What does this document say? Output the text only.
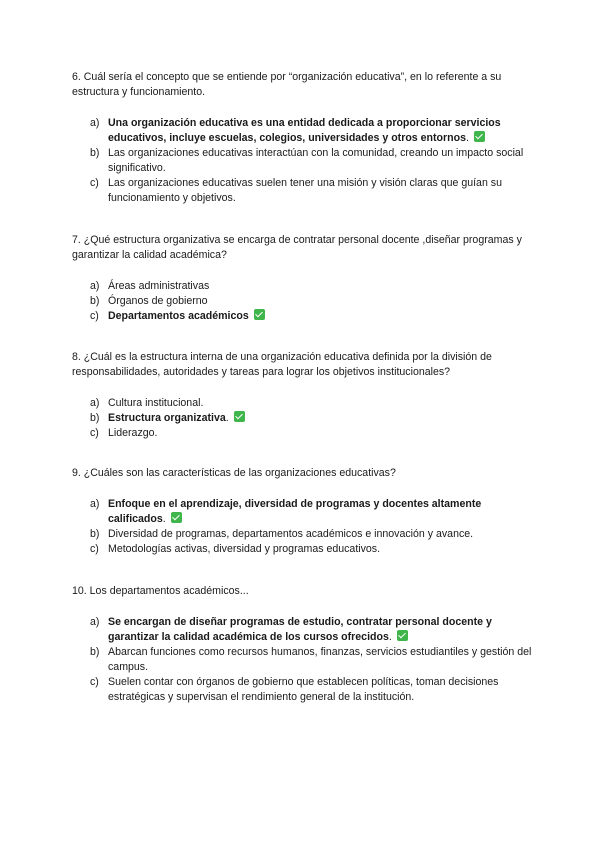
6. Cuál sería el concepto que se entiende por “organización educativa”, en lo referente a su estructura y funcionamiento.

a) Una organización educativa es una entidad dedicada a proporcionar servicios educativos, incluye escuelas, colegios, universidades y otros entornos.
b) Las organizaciones educativas interactúan con la comunidad, creando un impacto social significativo.
c) Las organizaciones educativas suelen tener una misión y visión claras que guían su funcionamiento y objetivos.

7. ¿Qué estructura organizativa se encarga de contratar personal docente ,diseñar programas y garantizar la calidad académica?

a) Áreas administrativas
b) Órganos de gobierno
c) Departamentos académicos

8. ¿Cuál es la estructura interna de una organización educativa definida por la división de responsabilidades, autoridades y tareas para lograr los objetivos institucionales?

a) Cultura institucional.
b) Estructura organizativa.
c) Liderazgo.

9. ¿Cuáles son las características de las organizaciones educativas?

a) Enfoque en el aprendizaje, diversidad de programas y docentes altamente calificados.
b) Diversidad de programas, departamentos académicos e innovación y avance.
c) Metodologías activas, diversidad y programas educativos.

10. Los departamentos académicos...

a) Se encargan de diseñar programas de estudio, contratar personal docente y garantizar la calidad académica de los cursos ofrecidos.
b) Abarcan funciones como recursos humanos, finanzas, servicios estudiantiles y gestión del campus.
c) Suelen contar con órganos de gobierno que establecen políticas, toman decisiones estratégicas y supervisan el rendimiento general de la institución.
